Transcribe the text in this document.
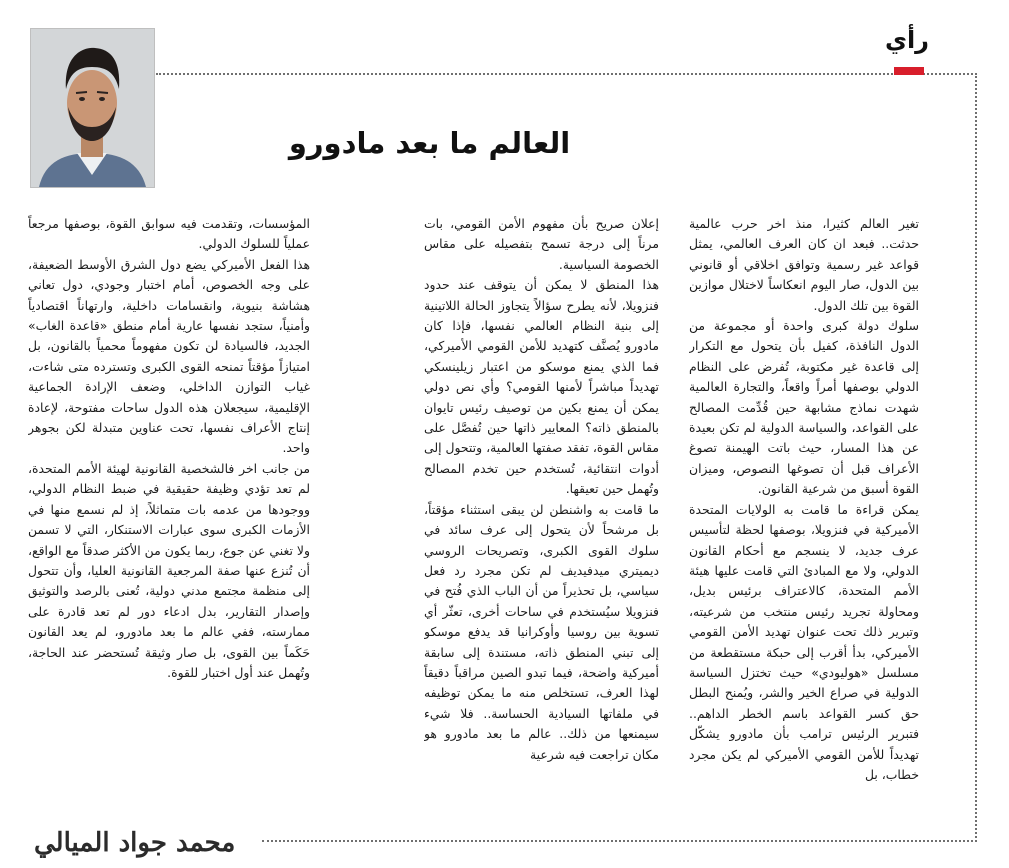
رأي
العالم ما بعد مادورو

تغير العالم كثيرا، منذ اخر حرب عالمية حدثت.. فبعد ان كان العرف العالمي، يمثل قواعد غير رسمية وتوافق اخلاقي أو قانوني بين الدول، صار اليوم انعكاساً لاختلال موازين القوة بين تلك الدول.

سلوك دولة كبرى واحدة أو مجموعة من الدول النافذة، كفيل بأن يتحول مع التكرار إلى قاعدة غير مكتوبة، تُفرض على النظام الدولي بوصفها أمراً واقعاً، والتجارة العالمية شهدت نماذج مشابهة حين قُدِّمت المصالح على القواعد، والسياسة الدولية لم تكن بعيدة عن هذا المسار، حيث باتت الهيمنة تصوغ الأعراف قبل أن تصوغها النصوص، وميزان القوة أسبق من شرعية القانون.

يمكن قراءة ما قامت به الولايات المتحدة الأميركية في فنزويلا، بوصفها لحظة لتأسيس عرف جديد، لا ينسجم مع أحكام القانون الدولي، ولا مع المبادئ التي قامت عليها هيئة الأمم المتحدة، كالاعتراف برئيس بديل، ومحاولة تجريد رئيس منتخب من شرعيته، وتبرير ذلك تحت عنوان تهديد الأمن القومي الأميركي، بدأ أقرب إلى حبكة مستقطعة من مسلسل «هوليودي» حيث تختزل السياسة الدولية في صراع الخير والشر، ويُمنح البطل حق كسر القواعد باسم الخطر الداهم.. فتبرير الرئيس ترامب بأن مادورو يشكّل تهديداً للأمن القومي الأميركي لم يكن مجرد خطاب، بل

إعلان صريح بأن مفهوم الأمن القومي، بات مرناً إلى درجة تسمح بتفصيله على مقاس الخصومة السياسية.

هذا المنطق لا يمكن أن يتوقف عند حدود فنزويلا، لأنه يطرح سؤالاً يتجاوز الحالة اللاتينية إلى بنية النظام العالمي نفسها، فإذا كان مادورو يُصنَّف كتهديد للأمن القومي الأميركي، فما الذي يمنع موسكو من اعتبار زيلينسكي تهديداً مباشراً لأمنها القومي؟ وأي نص دولي يمكن أن يمنع بكين من توصيف رئيس تايوان بالمنطق ذاته؟ المعايير ذاتها حين تُفصَّل على مقاس القوة، تفقد صفتها العالمية، وتتحول إلى أدوات انتقائية، تُستخدم حين تخدم المصالح وتُهمل حين تعيقها.

ما قامت به واشنطن لن يبقى استثناء مؤقتاً، بل مرشحاً لأن يتحول إلى عرف سائد في سلوك القوى الكبرى، وتصريحات الروسي ديميتري ميدفيديف لم تكن مجرد رد فعل سياسي، بل تحذيراً من أن الباب الذي فُتح في فنزويلا سيُستخدم في ساحات أخرى، تعثّر أي تسوية بين روسيا وأوكرانيا قد يدفع موسكو إلى تبني المنطق ذاته، مستندة إلى سابقة أميركية واضحة، فيما تبدو الصين مراقباً دقيقاً لهذا العرف، تستخلص منه ما يمكن توظيفه في ملفاتها السيادية الحساسة.. فلا شيء سيمنعها من ذلك.. عالم ما بعد مادورو هو مكان تراجعت فيه شرعية

المؤسسات، وتقدمت فيه سوابق القوة، بوصفها مرجعاً عملياً للسلوك الدولي.

هذا الفعل الأميركي يضع دول الشرق الأوسط الضعيفة، على وجه الخصوص، أمام اختبار وجودي، دول تعاني هشاشة بنيوية، وانقسامات داخلية، وارتهاناً اقتصادياً وأمنياً، ستجد نفسها عارية أمام منطق «قاعدة الغاب» الجديد، فالسيادة لن تكون مفهوماً محمياً بالقانون، بل امتيازاً مؤقتاً تمنحه القوى الكبرى وتسترده متى شاءت، غياب التوازن الداخلي، وضعف الإرادة الجماعية الإقليمية، سيجعلان هذه الدول ساحات مفتوحة، لإعادة إنتاج الأعراف نفسها، تحت عناوين متبدلة لكن بجوهر واحد.

من جانب اخر فالشخصية القانونية لهيئة الأمم المتحدة، لم تعد تؤدي وظيفة حقيقية في ضبط النظام الدولي، ووجودها من عدمه بات متماثلاً، إذ لم نسمع منها في الأزمات الكبرى سوى عبارات الاستنكار، التي لا تسمن ولا تغني عن جوع، ربما يكون من الأكثر صدقاً مع الواقع، أن تُنزع عنها صفة المرجعية القانونية العليا، وأن تتحول إلى منظمة مجتمع مدني دولية، تُعنى بالرصد والتوثيق وإصدار التقارير، بدل ادعاء دور لم تعد قادرة على ممارسته، ففي عالم ما بعد مادورو، لم يعد القانون حَكَماً بين القوى، بل صار وثيقة تُستحضر عند الحاجة، وتُهمل عند أول اختبار للقوة.

محمد جواد الميالي
